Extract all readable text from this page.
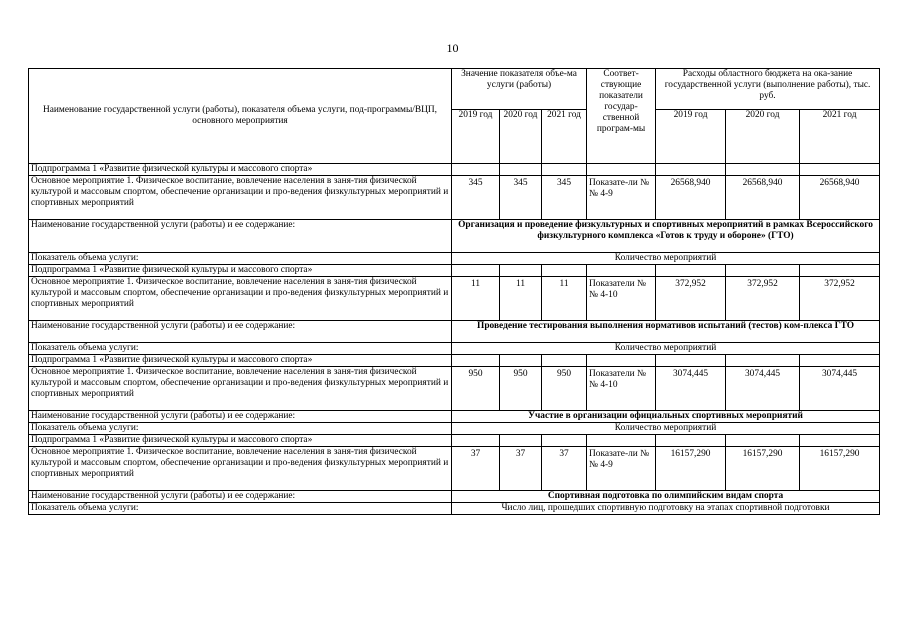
10
Наименование государственной услуги (работы), показателя объема услуги, под-программы/ВЦП, основного мероприятия	Значение показателя объе-ма услуги (работы)			Соответ-ствующие показатели государ-ственной програм-мы	Расходы областного бюджета на ока-зание государственной услуги (выполнение работы), тыс. руб.		
	2019 год	2020 год	2021 год		2019 год	2020 год	2021 год
Подпрограмма 1 «Развитие физической культуры и массового спорта»							
Основное мероприятие 1. Физическое воспитание, вовлечение населения в заня-тия физической культурой и массовым спортом, обеспечение организации и про-ведения физкультурных мероприятий и спортивных мероприятий	345	345	345	Показате-ли №№ 4-9	26568,940	26568,940	26568,940
Наименование государственной услуги (работы) и ее содержание:	Организация и проведение физкультурных и спортивных мероприятий в рамках Всероссийского физкультурного комплекса «Готов к труду и обороне» (ГТО)						
Показатель объема услуги:	Количество мероприятий						
Подпрограмма 1 «Развитие физической культуры и массового спорта»							
Основное мероприятие 1. Физическое воспитание, вовлечение населения в заня-тия физической культурой и массовым спортом, обеспечение организации и про-ведения физкультурных мероприятий и спортивных мероприятий	11	11	11	Показатели №№ 4-10	372,952	372,952	372,952
Наименование государственной услуги (работы) и ее содержание:	Проведение тестирования выполнения нормативов испытаний (тестов) ком-плекса ГТО						
Показатель объема услуги:	Количество мероприятий						
Подпрограмма 1 «Развитие физической культуры и массового спорта»							
Основное мероприятие 1. Физическое воспитание, вовлечение населения в заня-тия физической культурой и массовым спортом, обеспечение организации и про-ведения физкультурных мероприятий и спортивных мероприятий	950	950	950	Показатели №№ 4-10	3074,445	3074,445	3074,445
Наименование государственной услуги (работы) и ее содержание:	Участие в организации официальных спортивных мероприятий						
Показатель объема услуги:	Количество мероприятий						
Подпрограмма 1 «Развитие физической культуры и массового спорта»							
Основное мероприятие 1. Физическое воспитание, вовлечение населения в заня-тия физической культурой и массовым спортом, обеспечение организации и про-ведения физкультурных мероприятий и спортивных мероприятий	37	37	37	Показате-ли №№ 4-9	16157,290	16157,290	16157,290
Наименование государственной услуги (работы) и ее содержание:	Спортивная подготовка по олимпийским видам спорта						
Показатель объема услуги:	Число лиц, прошедших спортивную подготовку на этапах спортивной подготовки						
